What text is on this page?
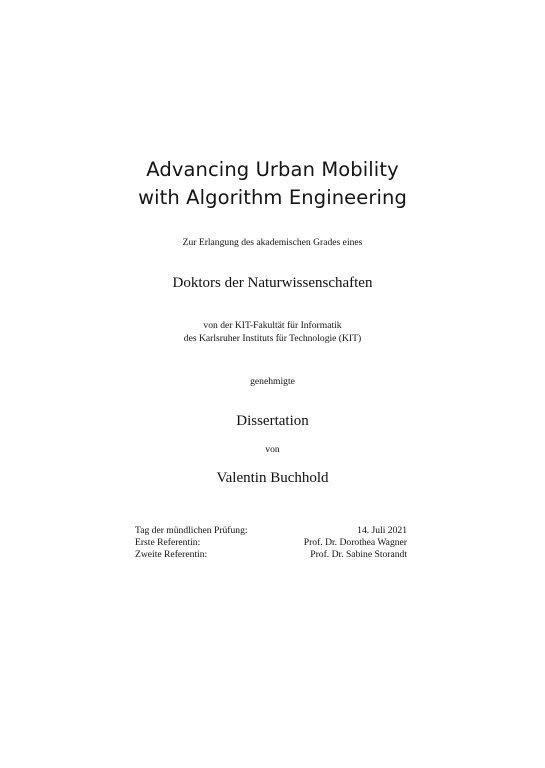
Advancing Urban Mobility
with Algorithm Engineering
Zur Erlangung des akademischen Grades eines
Doktors der Naturwissenschaften
von der KIT-Fakultät für Informatik
des Karlsruher Instituts für Technologie (KIT)
genehmigte
Dissertation
von
Valentin Buchhold
Tag der mündlichen Prüfung:	14. Juli 2021
Erste Referentin:	Prof. Dr. Dorothea Wagner
Zweite Referentin:	Prof. Dr. Sabine Storandt
